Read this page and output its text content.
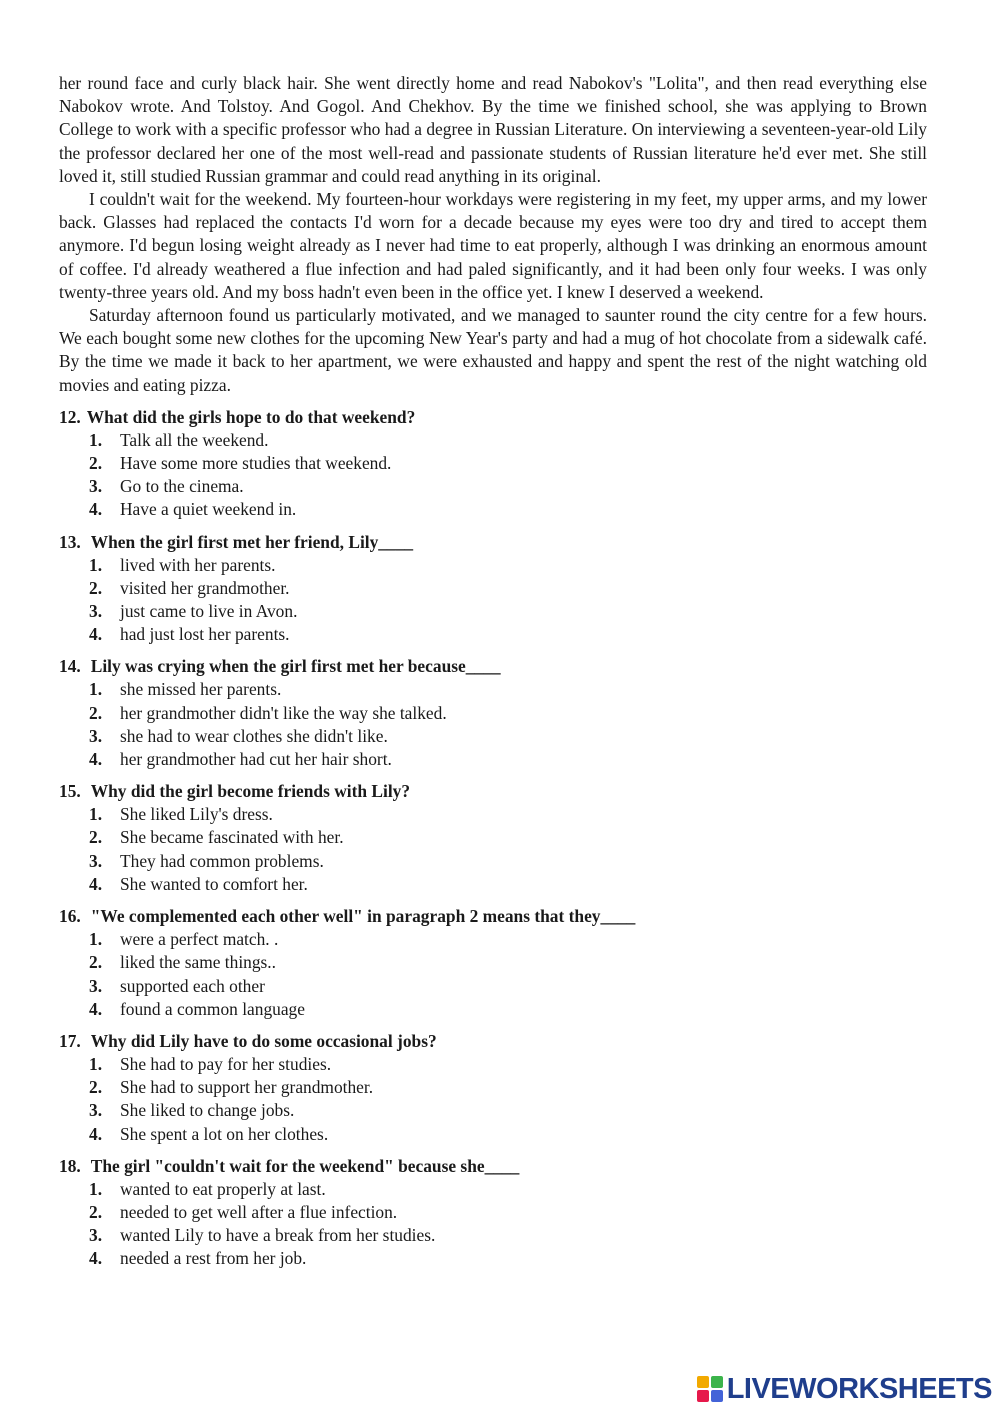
her round face and curly black hair. She went directly home and read Nabokov's "Lolita", and then read everything else Nabokov wrote. And Tolstoy. And Gogol. And Chekhov. By the time we finished school, she was applying to Brown College to work with a specific professor who had a degree in Russian Literature. On interviewing a seventeen-year-old Lily the professor declared her one of the most well-read and passionate students of Russian literature he'd ever met. She still loved it, still studied Russian grammar and could read anything in its original.

I couldn't wait for the weekend. My fourteen-hour workdays were registering in my feet, my upper arms, and my lower back. Glasses had replaced the contacts I'd worn for a decade because my eyes were too dry and tired to accept them anymore. I'd begun losing weight already as I never had time to eat properly, although I was drinking an enormous amount of coffee. I'd already weathered a flue infection and had paled significantly, and it had been only four weeks. I was only twenty-three years old. And my boss hadn't even been in the office yet. I knew I deserved a weekend.

Saturday afternoon found us particularly motivated, and we managed to saunter round the city centre for a few hours. We each bought some new clothes for the upcoming New Year's party and had a mug of hot chocolate from a sidewalk café. By the time we made it back to her apartment, we were exhausted and happy and spent the rest of the night watching old movies and eating pizza.

12. What did the girls hope to do that weekend?
1. Talk all the weekend.
2. Have some more studies that weekend.
3. Go to the cinema.
4. Have a quiet weekend in.
13. When the girl first met her friend, Lily____
1. lived with her parents.
2. visited her grandmother.
3. just came to live in Avon.
4. had just lost her parents.
14. Lily was crying when the girl first met her because____
1. she missed her parents.
2. her grandmother didn't like the way she talked.
3. she had to wear clothes she didn't like.
4. her grandmother had cut her hair short.
15. Why did the girl become friends with Lily?
1. She liked Lily's dress.
2. She became fascinated with her.
3. They had common problems.
4. She wanted to comfort her.
16. "We complemented each other well" in paragraph 2 means that they____
1. were a perfect match. .
2. liked the same things..
3. supported each other
4. found a common language
17. Why did Lily have to do some occasional jobs?
1. She had to pay for her studies.
2. She had to support her grandmother.
3. She liked to change jobs.
4. She spent a lot on her clothes.
18. The girl "couldn't wait for the weekend" because she____
1. wanted to eat properly at last.
2. needed to get well after a flue infection.
3. wanted Lily to have a break from her studies.
4. needed a rest from her job.
LIVEWORKSHEETS
